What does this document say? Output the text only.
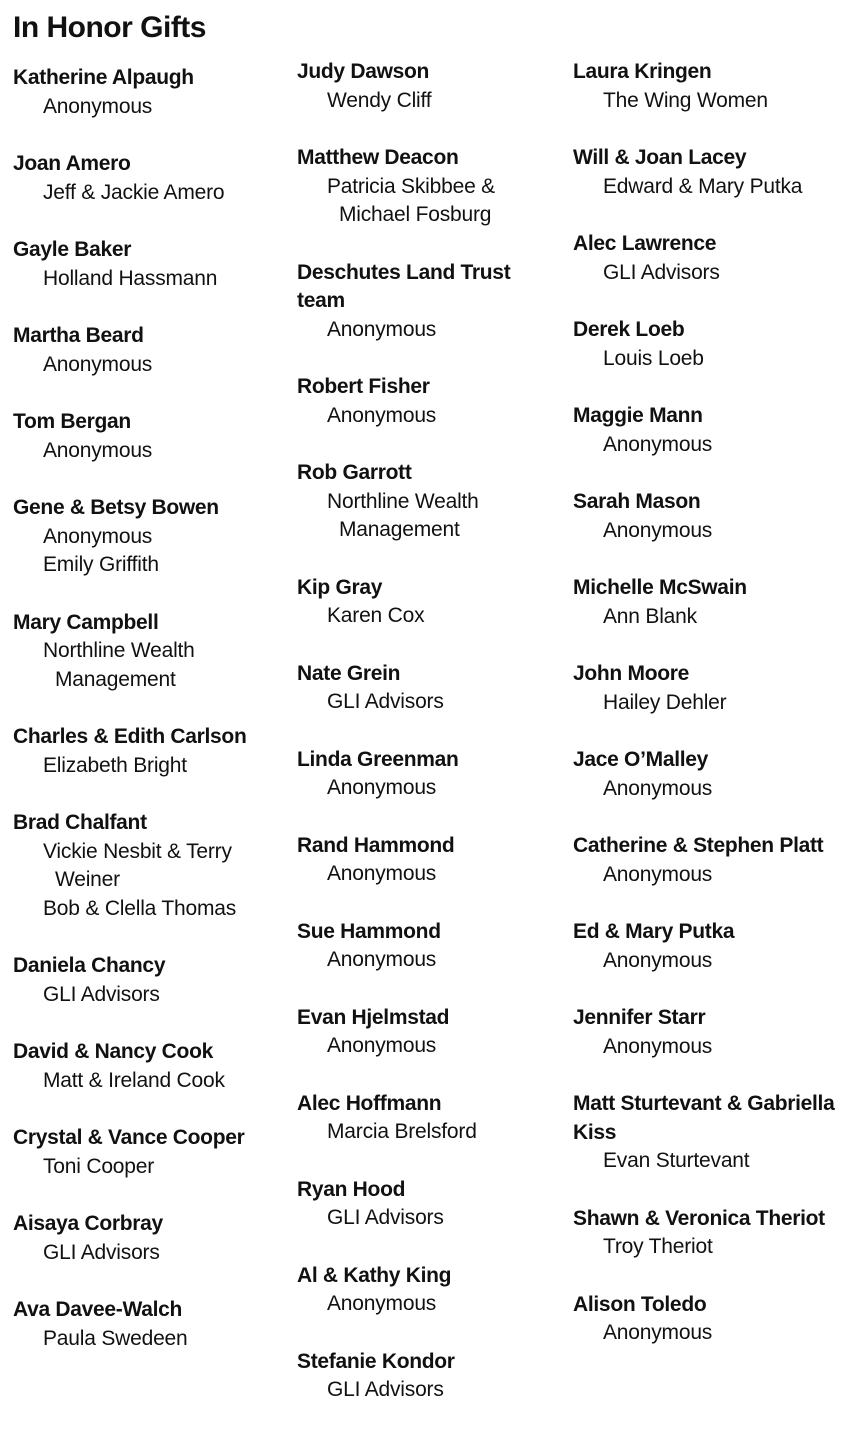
In Honor Gifts
Katherine Alpaugh
Anonymous
Joan Amero
Jeff & Jackie Amero
Gayle Baker
Holland Hassmann
Martha Beard
Anonymous
Tom Bergan
Anonymous
Gene & Betsy Bowen
Anonymous
Emily Griffith
Mary Campbell
Northline Wealth Management
Charles & Edith Carlson
Elizabeth Bright
Brad Chalfant
Vickie Nesbit & Terry Weiner
Bob & Clella Thomas
Daniela Chancy
GLI Advisors
David & Nancy Cook
Matt & Ireland Cook
Crystal & Vance Cooper
Toni Cooper
Aisaya Corbray
GLI Advisors
Ava Davee-Walch
Paula Swedeen
Judy Dawson
Wendy Cliff
Matthew Deacon
Patricia Skibbee & Michael Fosburg
Deschutes Land Trust team
Anonymous
Robert Fisher
Anonymous
Rob Garrott
Northline Wealth Management
Kip Gray
Karen Cox
Nate Grein
GLI Advisors
Linda Greenman
Anonymous
Rand Hammond
Anonymous
Sue Hammond
Anonymous
Evan Hjelmstad
Anonymous
Alec Hoffmann
Marcia Brelsford
Ryan Hood
GLI Advisors
Al & Kathy King
Anonymous
Stefanie Kondor
GLI Advisors
Laura Kringen
The Wing Women
Will & Joan Lacey
Edward & Mary Putka
Alec Lawrence
GLI Advisors
Derek Loeb
Louis Loeb
Maggie Mann
Anonymous
Sarah Mason
Anonymous
Michelle McSwain
Ann Blank
John Moore
Hailey Dehler
Jace O’Malley
Anonymous
Catherine & Stephen Platt
Anonymous
Ed & Mary Putka
Anonymous
Jennifer Starr
Anonymous
Matt Sturtevant & Gabriella Kiss
Evan Sturtevant
Shawn & Veronica Theriot
Troy Theriot
Alison Toledo
Anonymous
